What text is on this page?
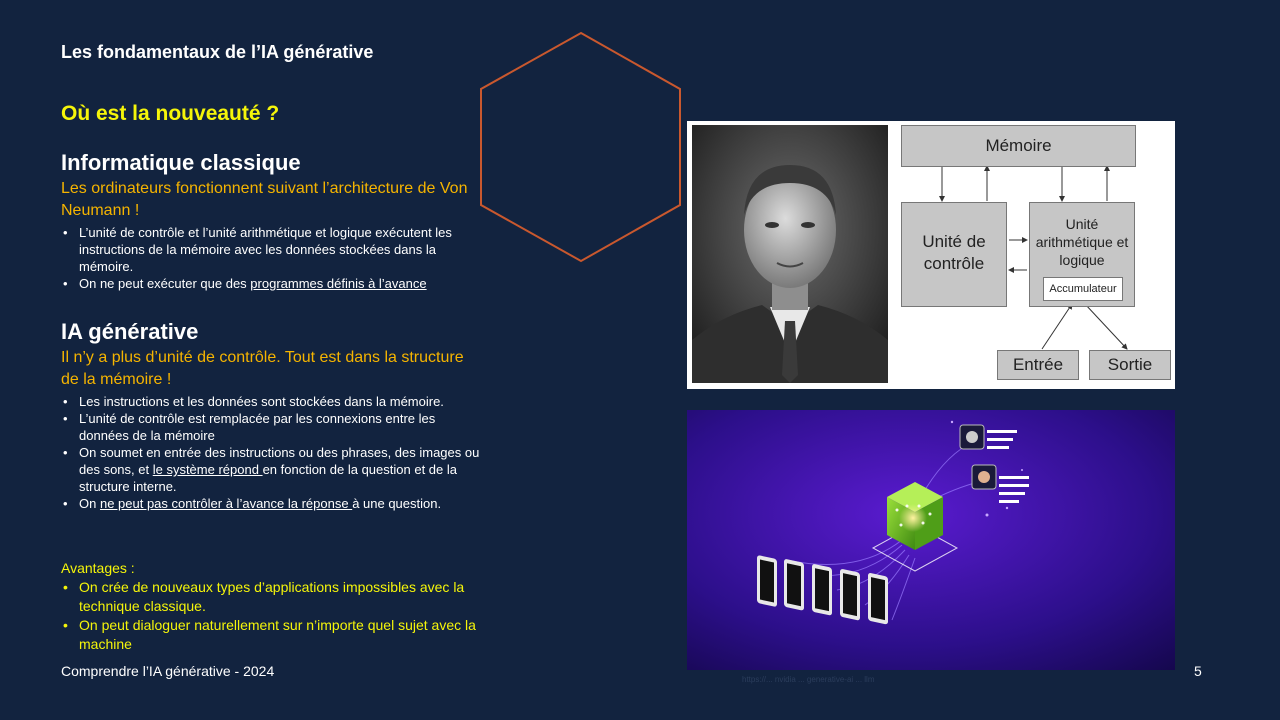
Les fondamentaux de l’IA générative
Où est la nouveauté ?

Informatique classique

Les ordinateurs fonctionnent suivant l’architecture de Von Neumann !

• L’unité de contrôle et l’unité arithmétique et logique exécutent les instructions de la mémoire avec les données stockées dans la mémoire.
• On ne peut exécuter que des programmes définis à l’avance

IA générative

Il n’y a plus d’unité de contrôle. Tout est dans la structure de la mémoire !

• Les instructions et les données sont stockées dans la mémoire.
• L’unité de contrôle est remplacée par les connexions entre les données de la mémoire
• On soumet en entrée des instructions ou des phrases, des images ou des sons, et le système répond en fonction de la question et de la structure interne.
• On ne peut pas contrôler à l’avance la réponse à une question.
Avantages :
• On crée de nouveaux types d’applications impossibles avec la technique classique.
• On peut dialoguer naturellement sur n’importe quel sujet avec la machine
Mémoire
Unité de contrôle
Unité arithmétique et logique
Accumulateur
Entrée	Sortie
https://... nvidia ... generative-ai ... llm
Comprendre l’IA générative - 2024	5
